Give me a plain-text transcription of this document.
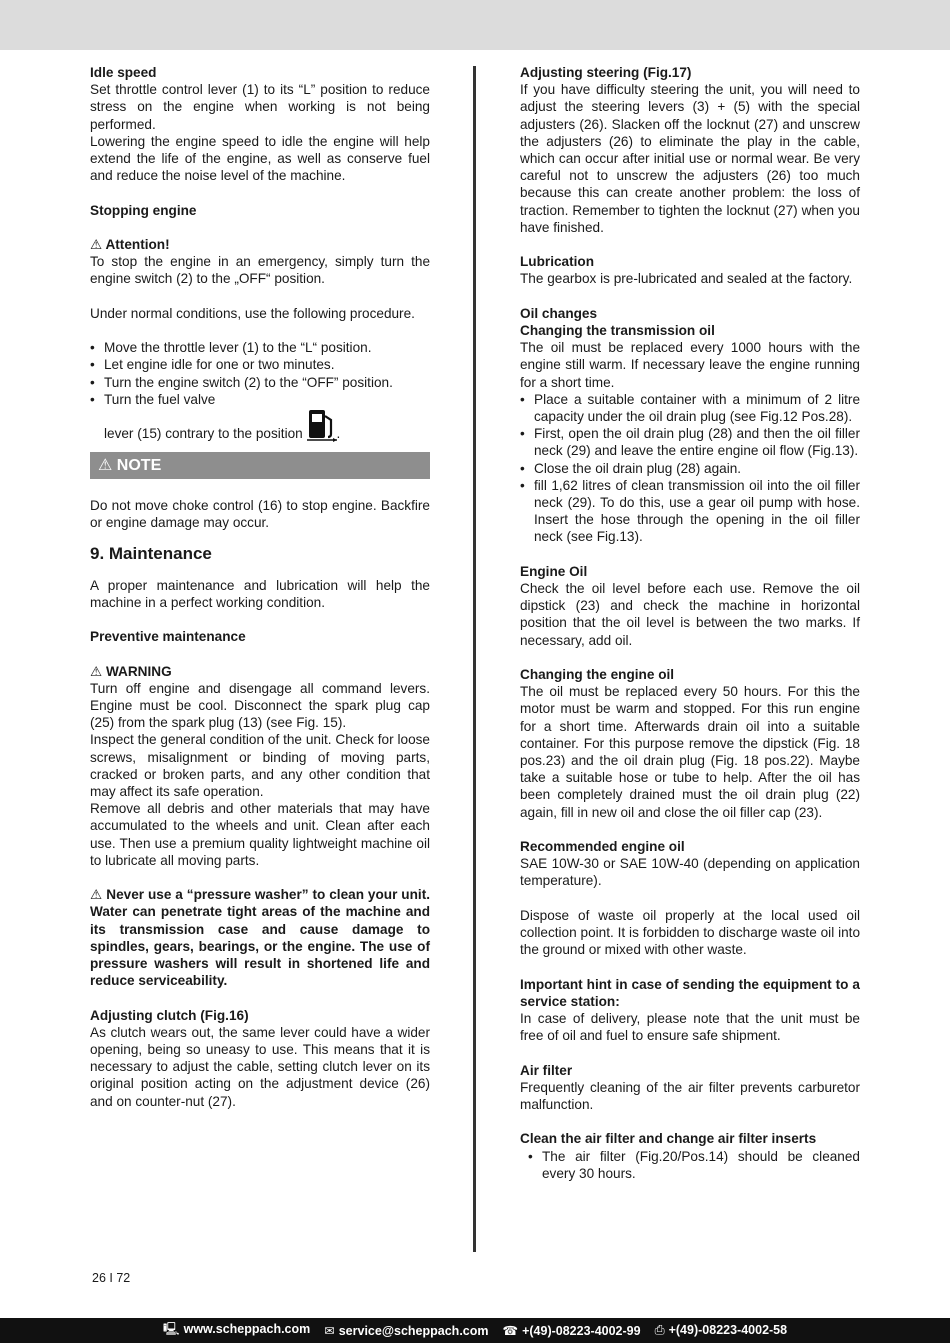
Idle speed

Set throttle control lever (1) to its “L” position to reduce stress on the engine when working is not being performed.

Lowering the engine speed to idle the engine will help extend the life of the engine, as well as conserve fuel and reduce the noise level of the machine.

Stopping engine

⚠ Attention!

To stop the engine in an emergency, simply turn the engine switch (2) to the „OFF“ position.

Under normal conditions, use the following procedure.

• Move the throttle lever (1) to the “L“ position.
• Let engine idle for one or two minutes.
• Turn the engine switch (2) to the “OFF” position.
• Turn the fuel valve
lever (15) contrary to the position .
⚠ NOTE

Do not move choke control (16) to stop engine. Backfire or engine damage may occur.

9. Maintenance

A proper maintenance and lubrication will help the machine in a perfect working condition.

Preventive maintenance

⚠ WARNING

Turn off engine and disengage all command levers. Engine must be cool. Disconnect the spark plug cap (25) from the spark plug (13) (see Fig. 15).

Inspect the general condition of the unit. Check for loose screws, misalignment or binding of moving parts, cracked or broken parts, and any other condition that may affect its safe operation.

Remove all debris and other materials that may have accumulated to the wheels and unit. Clean after each use. Then use a premium quality lightweight machine oil to lubricate all moving parts.

⚠ Never use a “pressure washer” to clean your unit. Water can penetrate tight areas of the machine and its transmission case and cause damage to spindles, gears, bearings, or the engine. The use of pressure washers will result in shortened life and reduce serviceability.

Adjusting clutch (Fig.16)

As clutch wears out, the same lever could have a wider opening, being so uneasy to use. This means that it is necessary to adjust the cable, setting clutch lever on its original position acting on the adjustment device (26) and on counter-nut (27).

Adjusting steering (Fig.17)

If you have difficulty steering the unit, you will need to adjust the steering levers (3) + (5) with the special adjusters (26). Slacken off the locknut (27) and unscrew the adjusters (26) to eliminate the play in the cable, which can occur after initial use or normal wear. Be very careful not to unscrew the adjusters (26) too much because this can create another problem: the loss of traction. Remember to tighten the locknut (27) when you have finished.

Lubrication

The gearbox is pre-lubricated and sealed at the factory.

Oil changes

Changing the transmission oil

The oil must be replaced every 1000 hours with the engine still warm. If necessary leave the engine running for a short time.

• Place a suitable container with a minimum of 2 litre capacity under the oil drain plug (see Fig.12 Pos.28).
• First, open the oil drain plug (28) and then the oil filler neck (29) and leave the entire engine oil flow (Fig.13).
• Close the oil drain plug (28) again.
• fill 1,62 litres of clean transmission oil into the oil filler neck (29). To do this, use a gear oil pump with hose. Insert the hose through the opening in the oil filler neck (see Fig.13).

Engine Oil

Check the oil level before each use. Remove the oil dipstick (23) and check the machine in horizontal position that the oil level is between the two marks. If necessary, add oil.

Changing the engine oil

The oil must be replaced every 50 hours. For this the motor must be warm and stopped. For this run engine for a short time. Afterwards drain oil into a suitable container. For this purpose remove the dipstick (Fig. 18 pos.23) and the oil drain plug (Fig. 18 pos.22). Maybe take a suitable hose or tube to help. After the oil has been completely drained must the oil drain plug (22) again, fill in new oil and close the oil filler cap (23).

Recommended engine oil

SAE 10W-30 or SAE 10W-40 (depending on application temperature).

Dispose of waste oil properly at the local used oil collection point. It is forbidden to discharge waste oil into the ground or mixed with other waste.

Important hint in case of sending the equipment to a service station:

In case of delivery, please note that the unit must be free of oil and fuel to ensure safe shipment.

Air filter

Frequently cleaning of the air filter prevents carburetor malfunction.

Clean the air filter and change air filter inserts

• The air filter (Fig.20/Pos.14) should be cleaned every 30 hours.
26 I 72
🖳 www.scheppach.com ✉ service@scheppach.com ☎ +(49)-08223-4002-99 ⎙ +(49)-08223-4002-58
